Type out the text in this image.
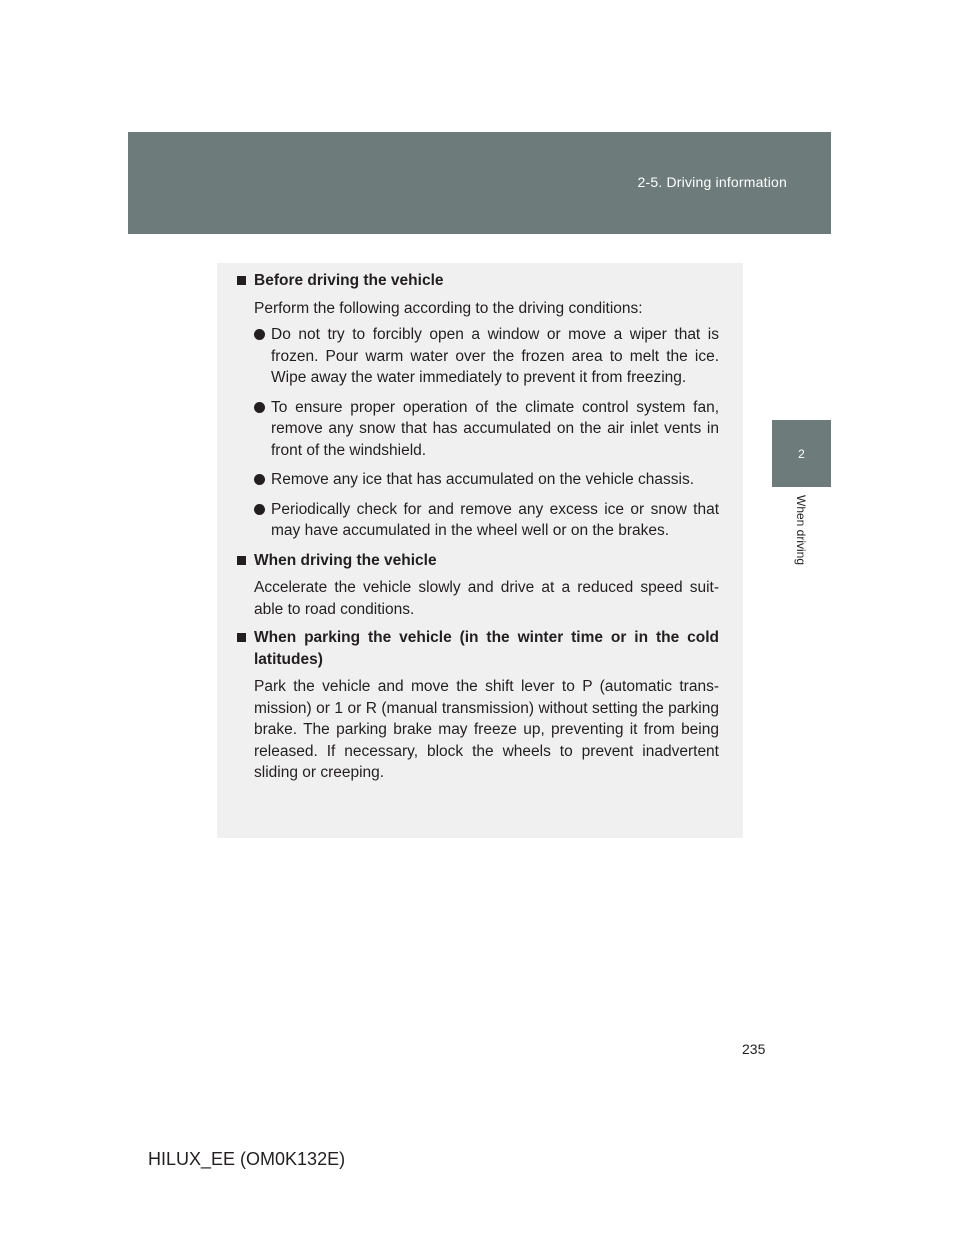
2-5. Driving information
2
When driving
Before driving the vehicle
Perform the following according to the driving conditions:
Do not try to forcibly open a window or move a wiper that is frozen. Pour warm water over the frozen area to melt the ice. Wipe away the water immediately to prevent it from freezing.
To ensure proper operation of the climate control system fan, remove any snow that has accumulated on the air inlet vents in front of the windshield.
Remove any ice that has accumulated on the vehicle chassis.
Periodically check for and remove any excess ice or snow that may have accumulated in the wheel well or on the brakes.
When driving the vehicle
Accelerate the vehicle slowly and drive at a reduced speed suit-able to road conditions.
When parking the vehicle (in the winter time or in the cold latitudes)
Park the vehicle and move the shift lever to P (automatic trans-mission) or 1 or R (manual transmission) without setting the parking brake. The parking brake may freeze up, preventing it from being released. If necessary, block the wheels to prevent inadvertent sliding or creeping.
235
HILUX_EE (OM0K132E)
